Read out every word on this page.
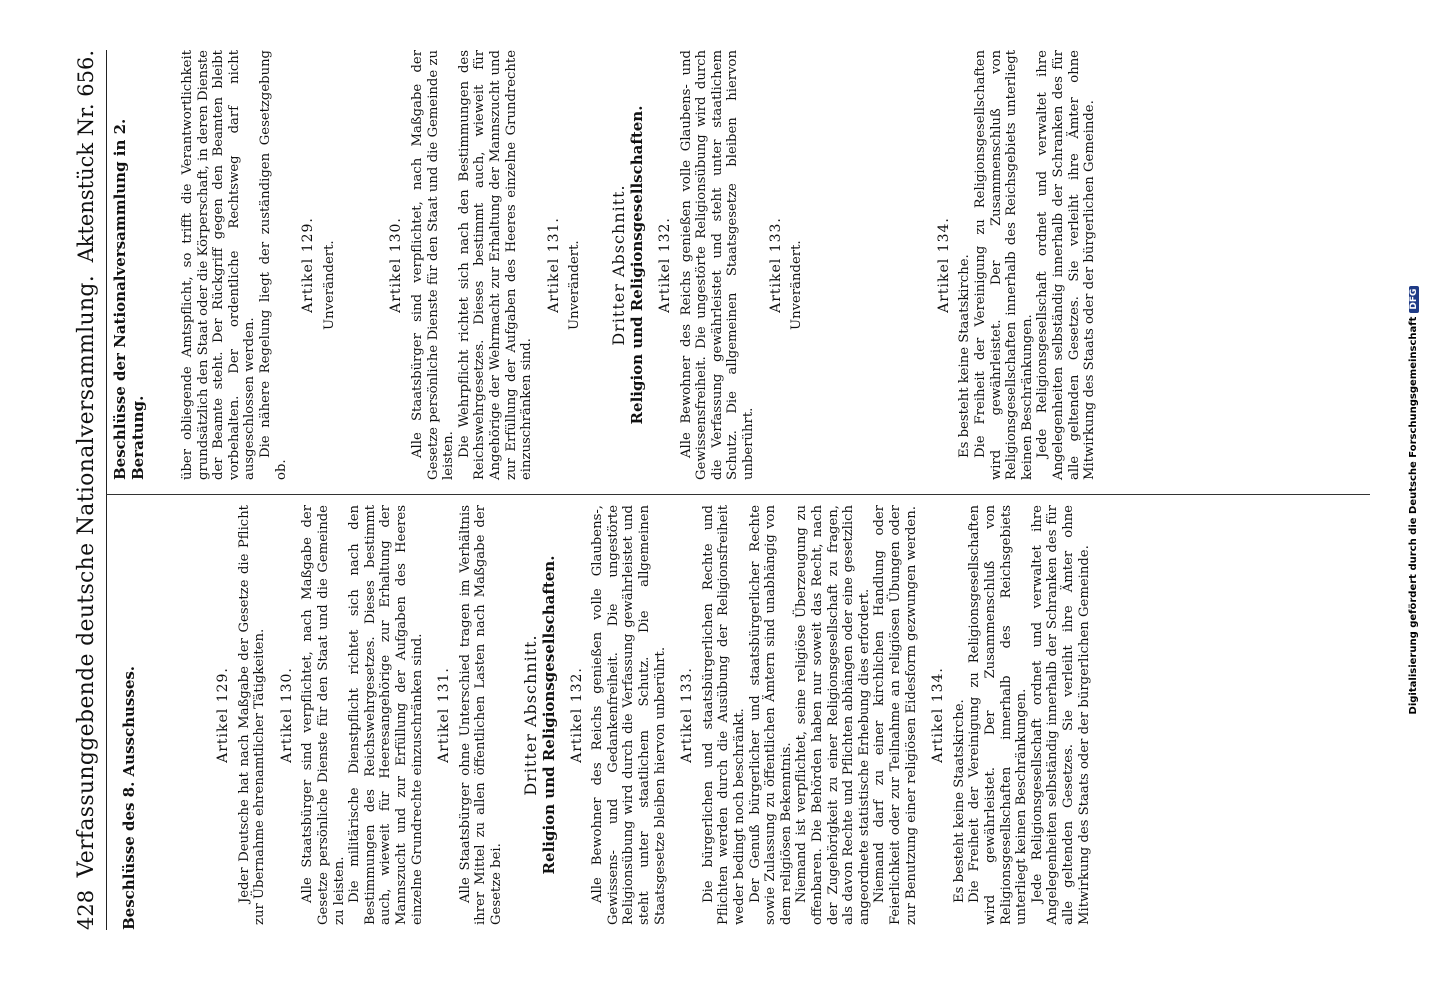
428
Verfassunggebende deutsche Nationalversammlung.
Aktenstück Nr. 656.
Beschlüsse des 8. Ausschusses.
Beschlüsse der Nationalversammlung in 2. Beratung.
Artikel 129. Jeder Deutsche hat nach Maßgabe der Gesetze die Pflicht zur Übernahme ehrenamtlicher Tätigkeiten. Artikel 130. Alle Staatsbürger sind verpflichtet, nach Maßgabe der Gesetze persönliche Dienste für den Staat und die Gemeinde zu leisten. Die militärische Dienstpflicht richtet sich nach den Bestimmungen des Reichswehrgesetzes. Dieses bestimmt auch, wieweit für Heeresangehörige zur Erhaltung der Mannszucht und zur Erfüllung der Aufgaben des Heeres einzelne Grundrechte einzuschränken sind. Artikel 131. Alle Staatsbürger ohne Unterschied tragen im Verhältnis ihrer Mittel zu allen öffentlichen Lasten nach Maßgabe der Gesetze bei.

Dritter Abschnitt. Religion und Religionsgesellschaften. Artikel 132. Alle Bewohner des Reichs genießen volle Glaubens-, Gewissens- und Gedankenfreiheit. Die ungestörte Religionsübung wird durch die Verfassung gewährleistet und steht unter staatlichem Schutz. Die allgemeinen Staatsgesetze bleiben hiervon unberührt. Artikel 133. Die bürgerlichen und staatsbürgerlichen Rechte und Pflichten werden durch die Ausübung der Religionsfreiheit weder bedingt noch beschränkt. Der Genuß bürgerlicher und staatsbürgerlicher Rechte sowie Zulassung zu öffentlichen Ämtern sind unabhängig von dem religiösen Bekenntnis. Niemand ist verpflichtet, seine religiöse Überzeugung zu offenbaren. Die Behörden haben nur soweit das Recht, nach der Zugehörigkeit zu einer Religionsgesellschaft zu fragen, als davon Rechte und Pflichten abhängen oder eine gesetzlich angeordnete statistische Erhebung dies erfordert. Niemand darf zu einer kirchlichen Handlung oder Feierlichkeit oder zur Teilnahme an religiösen Übungen oder zur Benutzung einer religiösen Eidesform gezwungen werden. Artikel 134. Es besteht keine Staatskirche. Die Freiheit der Vereinigung zu Religionsgesellschaften wird gewährleistet. Der Zusammenschluß von Religionsgesellschaften innerhalb des Reichsgebiets unterliegt keinen Beschränkungen. Jede Religionsgesellschaft ordnet und verwaltet ihre Angelegenheiten selbständig innerhalb der Schranken des für alle geltenden Gesetzes. Sie verleiht ihre Ämter ohne Mitwirkung des Staats oder der bürgerlichen Gemeinde.

über obliegende Amtspflicht, so trifft die Verantwortlichkeit grundsätzlich den Staat oder die Körperschaft, in deren Dienste der Beamte steht. Der Rückgriff gegen den Beamten bleibt vorbehalten. Der ordentliche Rechtsweg darf nicht ausgeschlossen werden. Die nähere Regelung liegt der zuständigen Gesetzgebung ob.

Artikel 129. Unverändert.	Artikel 130. Alle Staatsbürger sind verpflichtet, nach Maßgabe der Gesetze persönliche Dienste für den Staat und die Gemeinde zu leisten. Die Wehrpflicht richtet sich nach den Bestimmungen des Reichswehrgesetzes. Dieses bestimmt auch, wieweit für Angehörige der Wehrmacht zur Erhaltung der Mannszucht und zur Erfüllung der Aufgaben des Heeres einzelne Grundrechte einzuschränken sind.

Artikel 131. Unverändert. Dritter Abschnitt. Religion und Religionsgesellschaften. Artikel 132. Alle Bewohner des Reichs genießen volle Glaubens- und Gewissensfreiheit. Die ungestörte Religionsübung wird durch die Verfassung gewährleistet und steht unter staatlichem Schutz. Die allgemeinen Staatsgesetze bleiben hiervon unberührt.

Artikel 133. Unverändert.	Artikel 134. Es besteht keine Staatskirche. Die Freiheit der Vereinigung zu Religionsgesellschaften wird gewährleistet. Der Zusammenschluß von Religionsgesellschaften innerhalb des Reichsgebiets unterliegt keinen Beschränkungen. Jede Religionsgesellschaft ordnet und verwaltet ihre Angelegenheiten selbständig innerhalb der Schranken des für alle geltenden Gesetzes. Sie verleiht ihre Ämter ohne Mitwirkung des Staats oder der bürgerlichen Gemeinde.

Digitalisierung gefördert durch die Deutsche ForschungsgemeinschaftDFG
